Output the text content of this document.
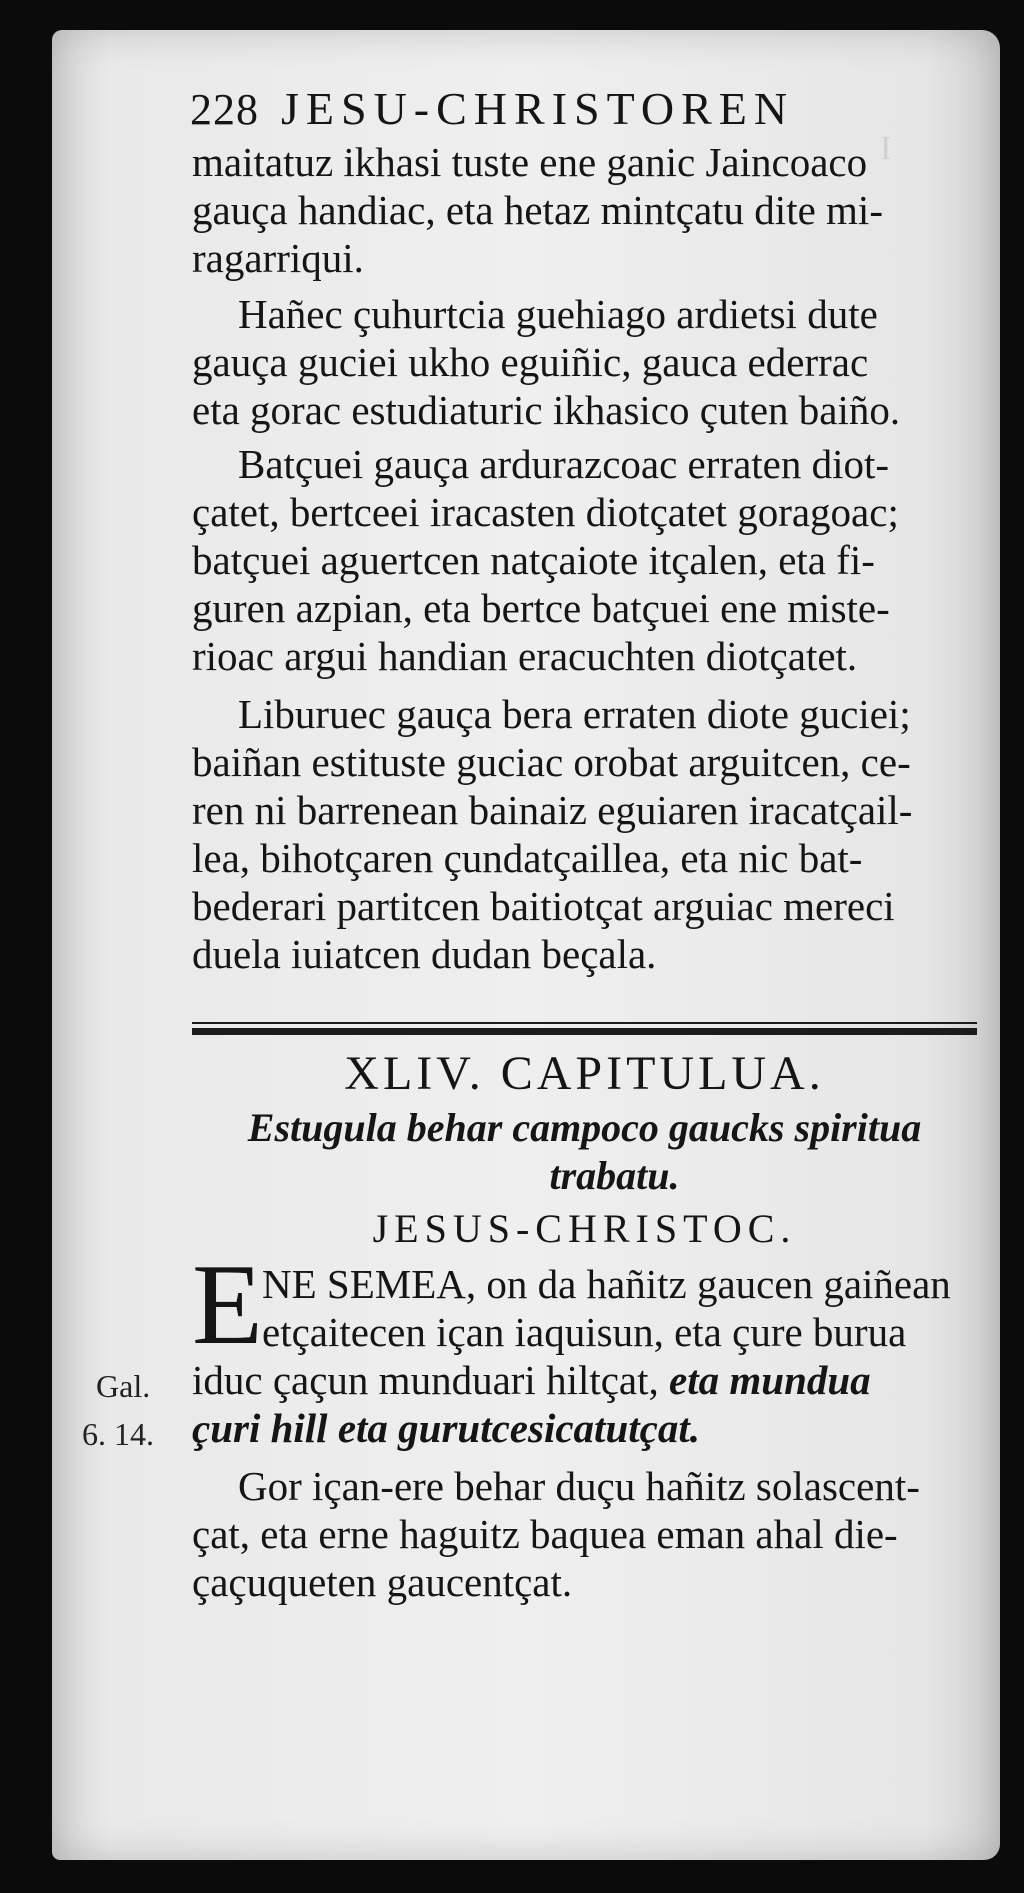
I
228 JESU-CHRISTOREN
maitatuz ikhasi tuste ene ganic Jaincoaco
gauça handiac, eta hetaz mintçatu dite mi-
ragarriqui.
Hañec çuhurtcia guehiago ardietsi dute
gauça guciei ukho eguiñic, gauca ederrac
eta gorac estudiaturic ikhasico çuten baiño.
Batçuei gauça ardurazcoac erraten diot-
çatet, bertceei iracasten diotçatet goragoac;
batçuei aguertcen natçaiote itçalen, eta fi-
guren azpian, eta bertce batçuei ene miste-
rioac argui handian eracuchten diotçatet.
Liburuec gauça bera erraten diote guciei;
baiñan estituste guciac orobat arguitcen, ce-
ren ni barrenean bainaiz eguiaren iracatçail-
lea, bihotçaren çundatçaillea, eta nic bat-
bederari partitcen baitiotçat arguiac mereci
duela iuiatcen dudan beçala.
XLIV. CAPITULUA.
Estugula behar campoco gaucks spiritua
trabatu.
JESUS-CHRISTOC.
E NE SEMEA, on da hañitz gaucen gaiñean
etçaitecen içan iaquisun, eta çure burua
iduc çaçun munduari hiltçat, eta mundua
çuri hill eta gurutcesicatutçat.
Gor içan-ere behar duçu hañitz solascent-
çat, eta erne haguitz baquea eman ahal die-
çaçuqueten gaucentçat.
Gal.
6. 14.
